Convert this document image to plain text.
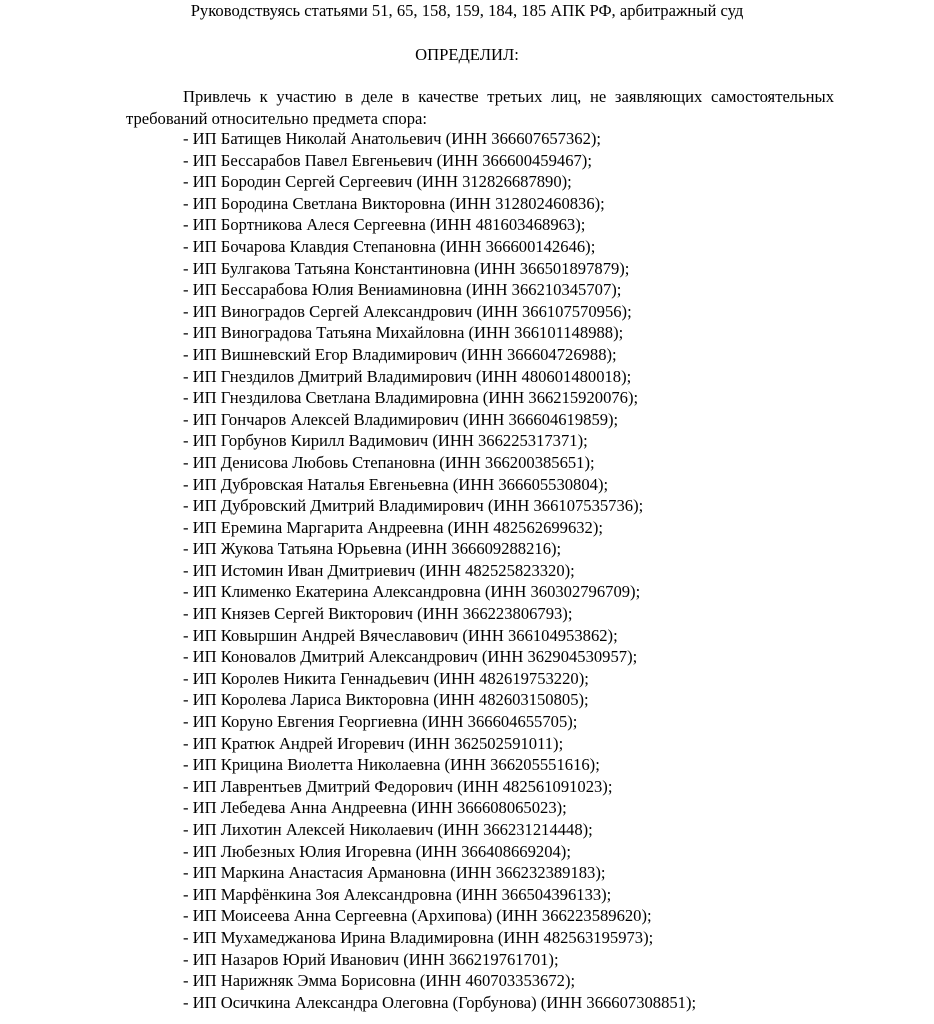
Руководствуясь статьями 51, 65, 158, 159, 184, 185 АПК РФ, арбитражный суд
ОПРЕДЕЛИЛ:

Привлечь к участию в деле в качестве третьих лиц, не заявляющих самостоятельных требований относительно предмета спора:

- ИП Батищев Николай Анатольевич (ИНН 366607657362);
- ИП Бессарабов Павел Евгеньевич (ИНН 366600459467);
- ИП Бородин Сергей Сергеевич (ИНН 312826687890);
- ИП Бородина Светлана Викторовна (ИНН 312802460836);
- ИП Бортникова Алеся Сергеевна (ИНН 481603468963);
- ИП Бочарова Клавдия Степановна (ИНН 366600142646);
- ИП Булгакова Татьяна Константиновна (ИНН 366501897879);
- ИП Бессарабова Юлия Вениаминовна (ИНН 366210345707);
- ИП Виноградов Сергей Александрович (ИНН 366107570956);
- ИП Виноградова Татьяна Михайловна (ИНН 366101148988);
- ИП Вишневский Егор Владимирович (ИНН 366604726988);
- ИП Гнездилов Дмитрий Владимирович (ИНН 480601480018);
- ИП Гнездилова Светлана Владимировна (ИНН 366215920076);
- ИП Гончаров Алексей Владимирович (ИНН 366604619859);
- ИП Горбунов Кирилл Вадимович (ИНН 366225317371);
- ИП Денисова Любовь Степановна (ИНН 366200385651);
- ИП Дубровская Наталья Евгеньевна (ИНН 366605530804);
- ИП Дубровский Дмитрий Владимирович (ИНН 366107535736);
- ИП Еремина Маргарита Андреевна (ИНН 482562699632);
- ИП Жукова Татьяна Юрьевна (ИНН 366609288216);
- ИП Истомин Иван Дмитриевич (ИНН 482525823320);
- ИП Клименко Екатерина Александровна (ИНН 360302796709);
- ИП Князев Сергей Викторович (ИНН 366223806793);
- ИП Ковыршин Андрей Вячеславович (ИНН 366104953862);
- ИП Коновалов Дмитрий Александрович (ИНН 362904530957);
- ИП Королев Никита Геннадьевич (ИНН 482619753220);
- ИП Королева Лариса Викторовна (ИНН 482603150805);
- ИП Коруно Евгения Георгиевна (ИНН 366604655705);
- ИП Кратюк Андрей Игоревич (ИНН 362502591011);
- ИП Крицина Виолетта Николаевна (ИНН 366205551616);
- ИП Лаврентьев Дмитрий Федорович (ИНН 482561091023);
- ИП Лебедева Анна Андреевна (ИНН 366608065023);
- ИП Лихотин Алексей Николаевич (ИНН 366231214448);
- ИП Любезных Юлия Игоревна (ИНН 366408669204);
- ИП Маркина Анастасия Армановна (ИНН 366232389183);
- ИП Марфёнкина Зоя Александровна (ИНН 366504396133);
- ИП Моисеева Анна Сергеевна (Архипова) (ИНН 366223589620);
- ИП Мухамеджанова Ирина Владимировна (ИНН 482563195973);
- ИП Назаров Юрий Иванович (ИНН 366219761701);
- ИП Нарижняк Эмма Борисовна (ИНН 460703353672);
- ИП Осичкина Александра Олеговна (Горбунова) (ИНН 366607308851);
